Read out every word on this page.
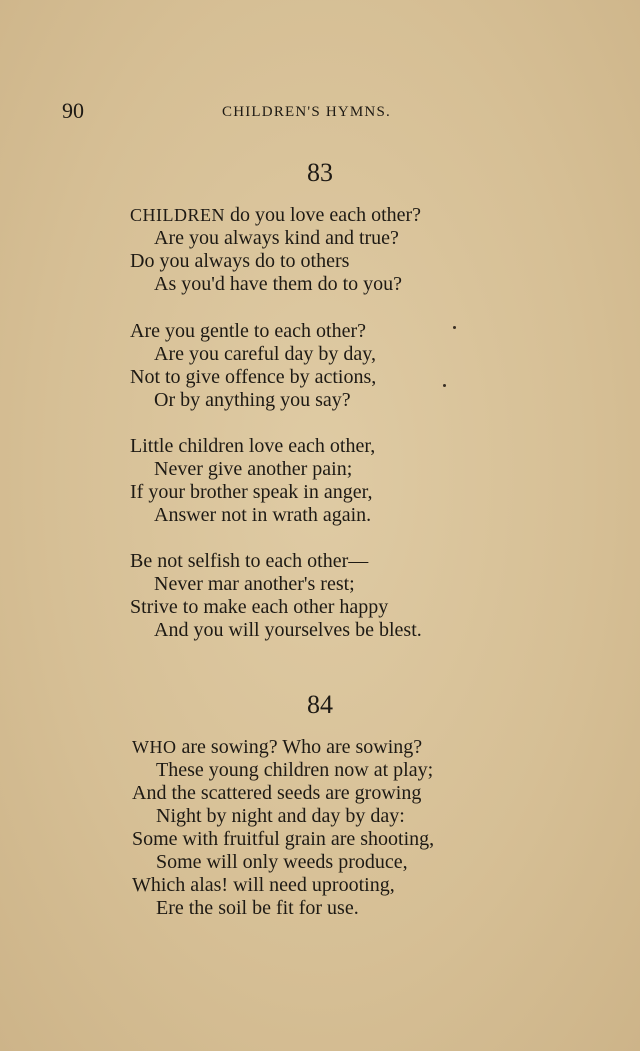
90	CHILDREN'S HYMNS.
83
CHILDREN do you love each other?
Are you always kind and true?
Do you always do to others
As you'd have them do to you?
Are you gentle to each other?
Are you careful day by day,
Not to give offence by actions,
Or by anything you say?
Little children love each other,
Never give another pain;
If your brother speak in anger,
Answer not in wrath again.
Be not selfish to each other—
Never mar another's rest;
Strive to make each other happy
And you will yourselves be blest.
84
WHO are sowing? Who are sowing?
These young children now at play;
And the scattered seeds are growing
Night by night and day by day:
Some with fruitful grain are shooting,
Some will only weeds produce,
Which alas! will need uprooting,
Ere the soil be fit for use.
